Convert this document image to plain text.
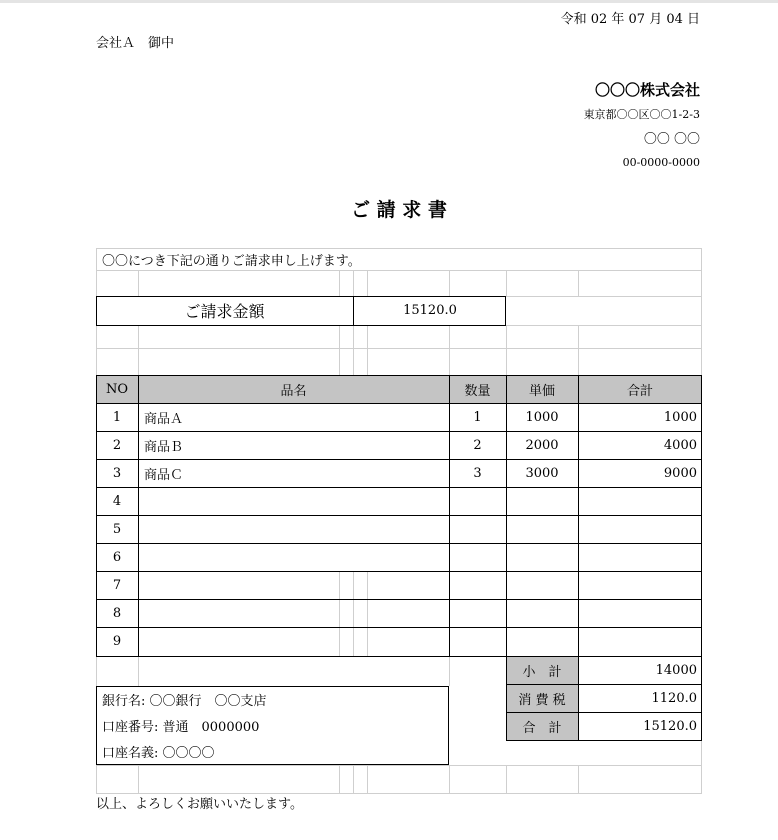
令和 02 年 07 月 04 日
会社Ａ　御中
〇〇〇株式会社
東京都〇〇区〇〇1-2-3
〇〇 〇〇
00-0000-0000
ご 請 求 書
〇〇につき下記の通りご請求申し上げます。
ご請求金額	15120.0
NO	品名	数量	単価	合計
1	商品Ａ	1	1000	1000
2	商品Ｂ	2	2000	4000
3	商品Ｃ	3	3000	9000
4
5
6
7
8
9
小　計	14000
消 費 税	1120.0
合　計	15120.0
銀行名: 〇〇銀行　〇〇支店
口座番号: 普通　0000000
口座名義: 〇〇〇〇
以上、よろしくお願いいたします。
